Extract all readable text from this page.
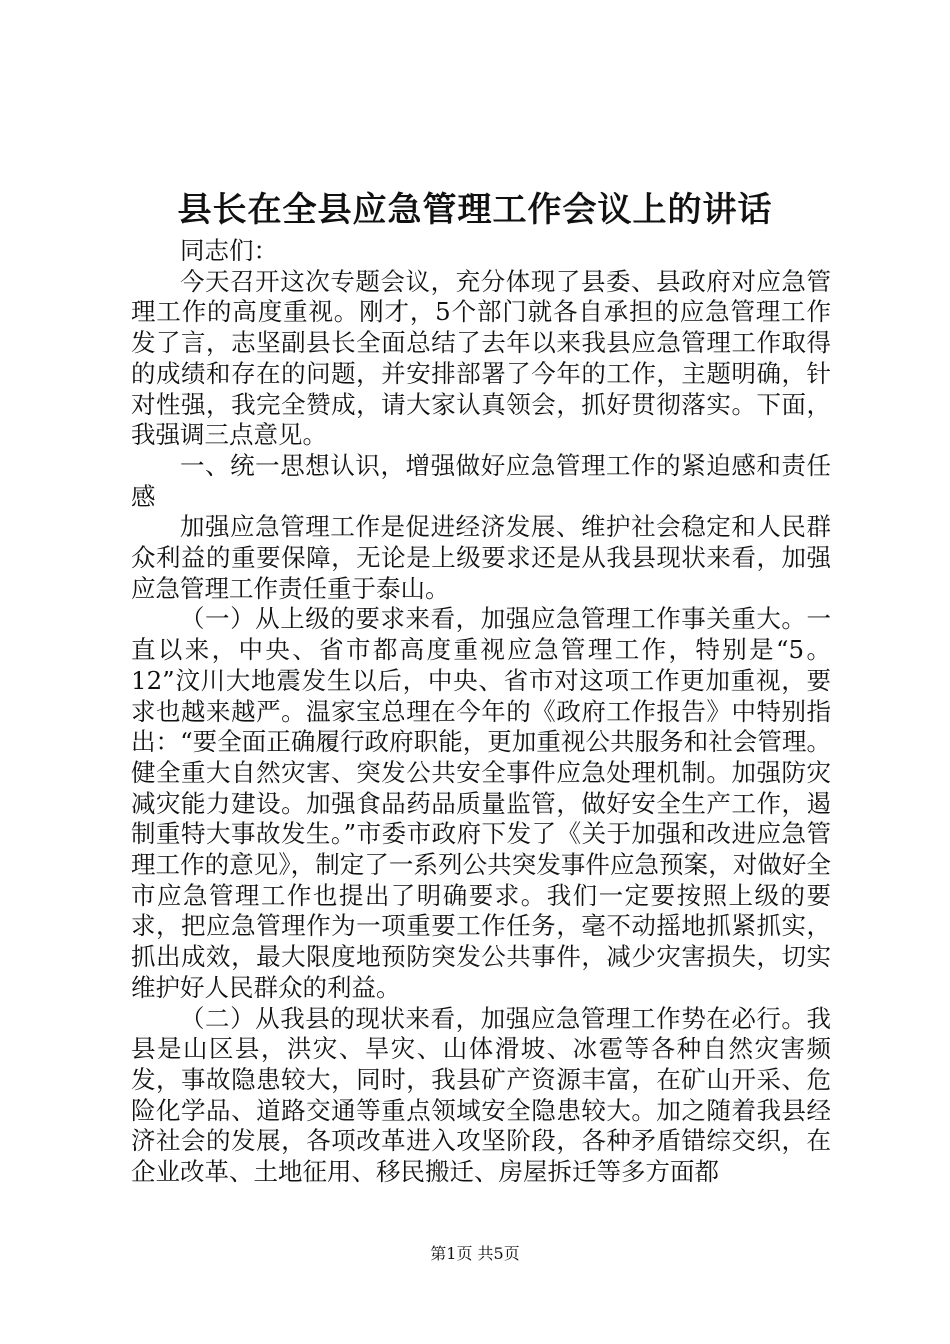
县长在全县应急管理工作会议上的讲话

同志们：

今天召开这次专题会议，充分体现了县委、县政府对应急管理工作的高度重视。刚才，5个部门就各自承担的应急管理工作发了言，志坚副县长全面总结了去年以来我县应急管理工作取得的成绩和存在的问题，并安排部署了今年的工作，主题明确，针对性强，我完全赞成，请大家认真领会，抓好贯彻落实。下面，我强调三点意见。

一、统一思想认识，增强做好应急管理工作的紧迫感和责任感

加强应急管理工作是促进经济发展、维护社会稳定和人民群众利益的重要保障，无论是上级要求还是从我县现状来看，加强应急管理工作责任重于泰山。

（一）从上级的要求来看，加强应急管理工作事关重大。一直以来，中央、省市都高度重视应急管理工作，特别是“5。12”汶川大地震发生以后，中央、省市对这项工作更加重视，要求也越来越严。温家宝总理在今年的《政府工作报告》中特别指出：“要全面正确履行政府职能，更加重视公共服务和社会管理。健全重大自然灾害、突发公共安全事件应急处理机制。加强防灾减灾能力建设。加强食品药品质量监管，做好安全生产工作，遏制重特大事故发生。”市委市政府下发了《关于加强和改进应急管理工作的意见》，制定了一系列公共突发事件应急预案，对做好全市应急管理工作也提出了明确要求。我们一定要按照上级的要求，把应急管理作为一项重要工作任务，毫不动摇地抓紧抓实，抓出成效，最大限度地预防突发公共事件，减少灾害损失，切实维护好人民群众的利益。

（二）从我县的现状来看，加强应急管理工作势在必行。我县是山区县，洪灾、旱灾、山体滑坡、冰雹等各种自然灾害频发，事故隐患较大，同时，我县矿产资源丰富，在矿山开采、危险化学品、道路交通等重点领域安全隐患较大。加之随着我县经济社会的发展，各项改革进入攻坚阶段，各种矛盾错综交织，在企业改革、土地征用、移民搬迁、房屋拆迁等多方面都

第1页 共5页
